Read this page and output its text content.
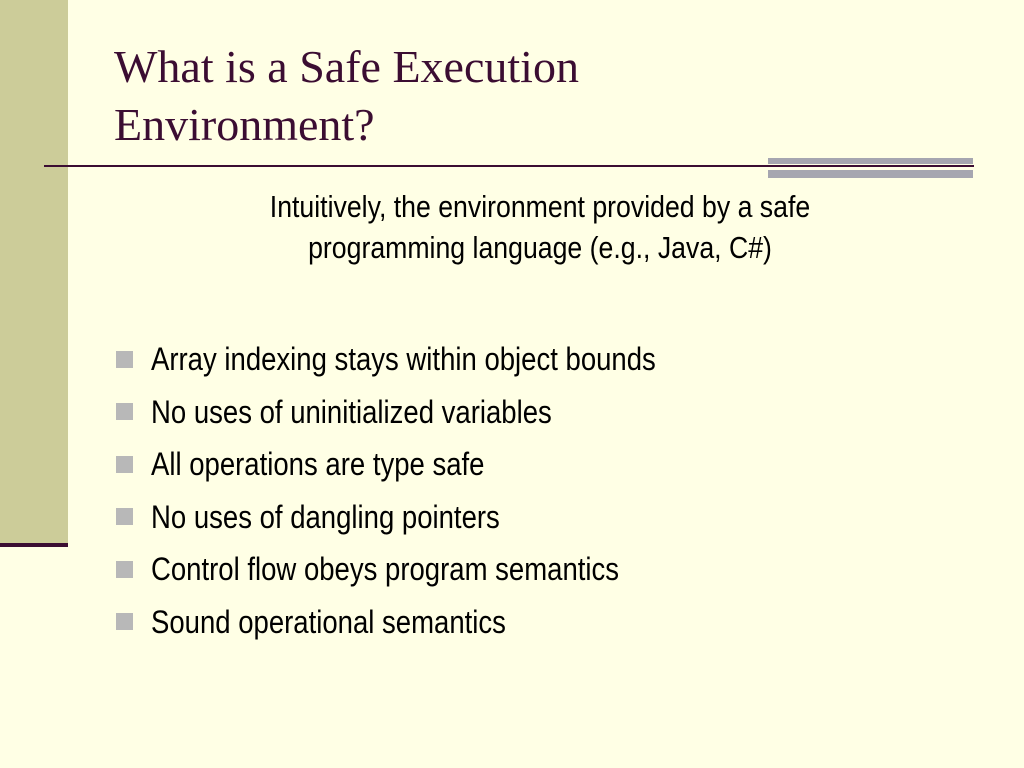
What is a Safe Execution Environment?

Intuitively, the environment provided by a safe programming language (e.g., Java, C#)

Array indexing stays within object bounds
No uses of uninitialized variables
All operations are type safe
No uses of dangling pointers
Control flow obeys program semantics
Sound operational semantics
